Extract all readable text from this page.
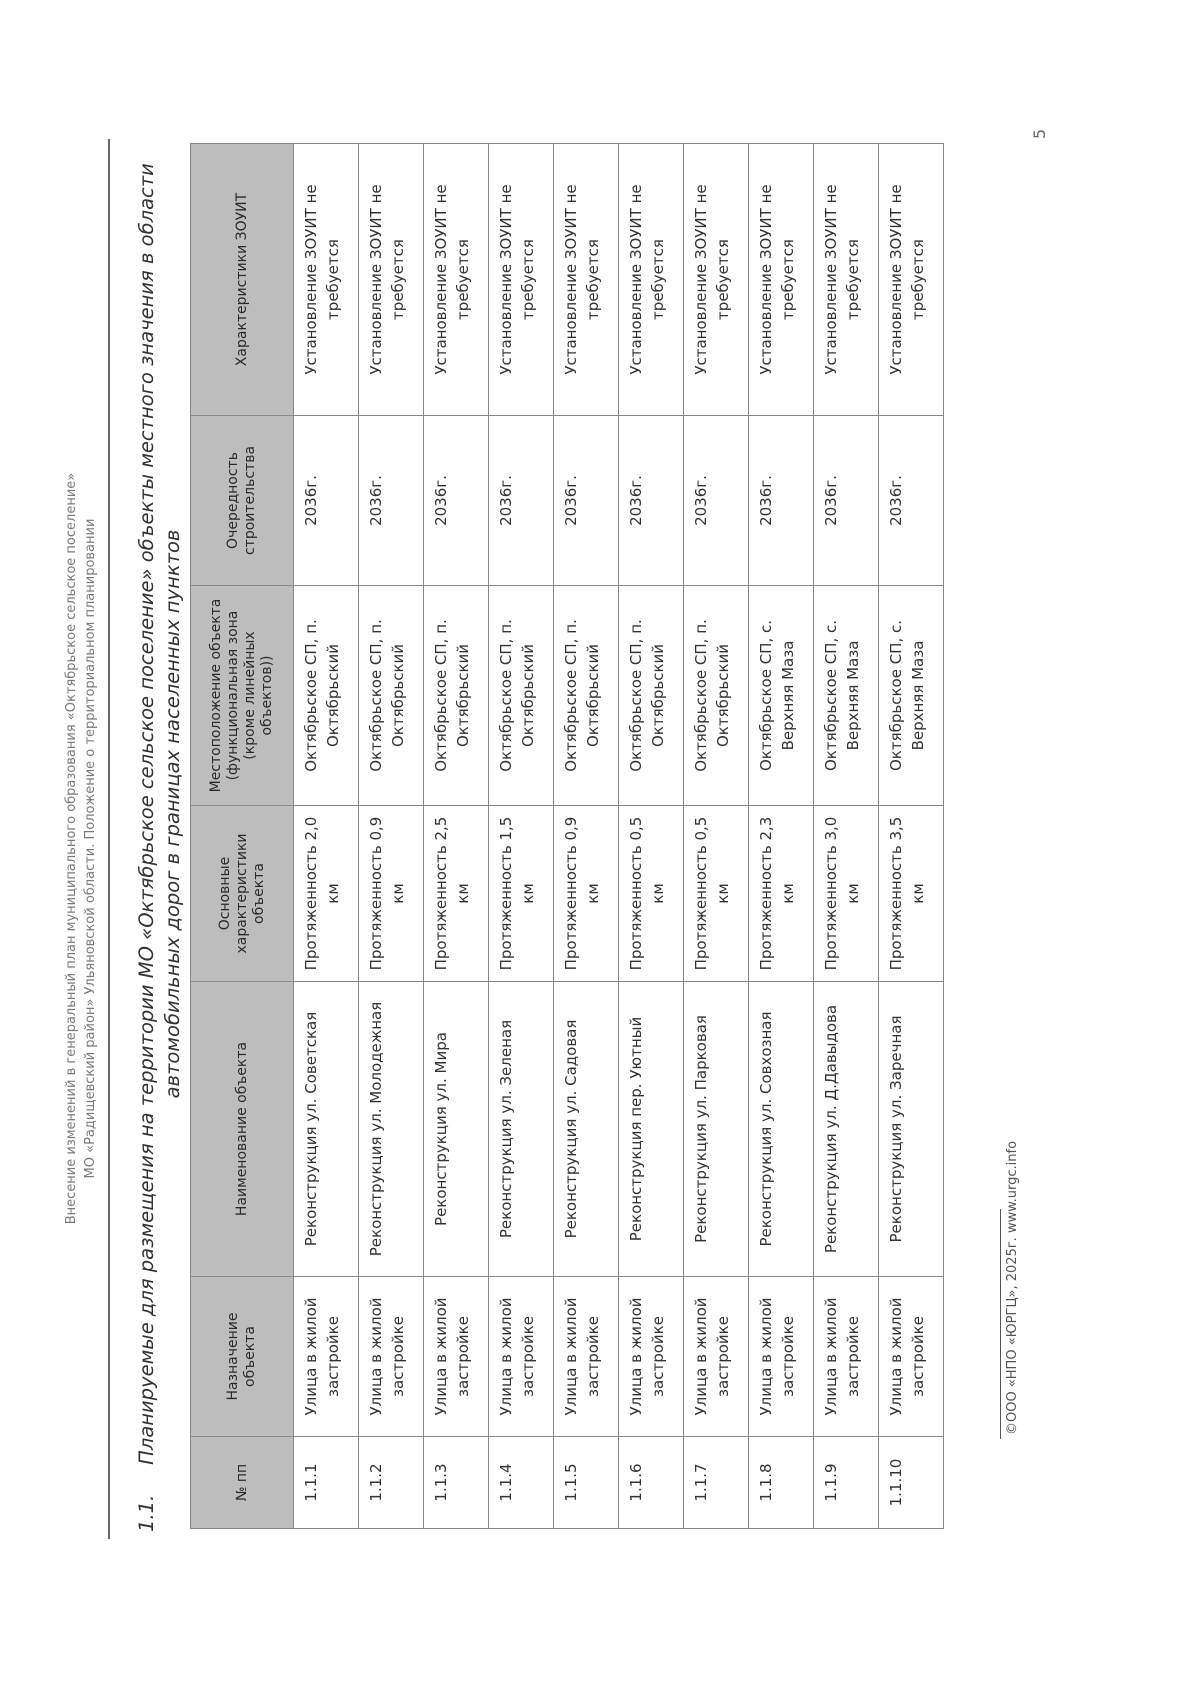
Внесение изменений в генеральный план муниципального образования «Октябрьское сельское поселение» МО «Радищевский район» Ульяновской области. Положение о территориальном планировании
1.1.
Планируемые для размещения на территории МО «Октябрьское сельское поселение» объекты местного значения в области автомобильных дорог в границах населенных пунктов
№ пп	Назначение объекта	Наименование объекта	Основные характеристики объекта	Местоположение объекта (функциональная зона (кроме линейных объектов))	Очередность строительства	Характеристики ЗОУИТ
1.1.1	Улица в жилой застройке	Реконструкция ул. Советская	Протяженность 2,0 км	Октябрьское СП, п. Октябрьский	2036г.	Установление ЗОУИТ не требуется
1.1.2	Улица в жилой застройке	Реконструкция ул. Молодежная	Протяженность 0,9 км	Октябрьское СП, п. Октябрьский	2036г.	Установление ЗОУИТ не требуется
1.1.3	Улица в жилой застройке	Реконструкция ул. Мира	Протяженность 2,5 км	Октябрьское СП, п. Октябрьский	2036г.	Установление ЗОУИТ не требуется
1.1.4	Улица в жилой застройке	Реконструкция ул. Зеленая	Протяженность 1,5 км	Октябрьское СП, п. Октябрьский	2036г.	Установление ЗОУИТ не требуется
1.1.5	Улица в жилой застройке	Реконструкция ул. Садовая	Протяженность 0,9 км	Октябрьское СП, п. Октябрьский	2036г.	Установление ЗОУИТ не требуется
1.1.6	Улица в жилой застройке	Реконструкция пер. Уютный	Протяженность 0,5 км	Октябрьское СП, п. Октябрьский	2036г.	Установление ЗОУИТ не требуется
1.1.7	Улица в жилой застройке	Реконструкция ул. Парковая	Протяженность 0,5 км	Октябрьское СП, п. Октябрьский	2036г.	Установление ЗОУИТ не требуется
1.1.8	Улица в жилой застройке	Реконструкция ул. Совхозная	Протяженность 2,3 км	Октябрьское СП, с. Верхняя Маза	2036г.	Установление ЗОУИТ не требуется
1.1.9	Улица в жилой застройке	Реконструкция ул. Д.Давыдова	Протяженность 3,0 км	Октябрьское СП, с. Верхняя Маза	2036г.	Установление ЗОУИТ не требуется
1.1.10	Улица в жилой застройке	Реконструкция ул. Заречная	Протяженность 3,5 км	Октябрьское СП, с. Верхняя Маза	2036г.	Установление ЗОУИТ не требуется
©ООО «НПО «ЮРГЦ», 2025г. www.urgc.info
5
